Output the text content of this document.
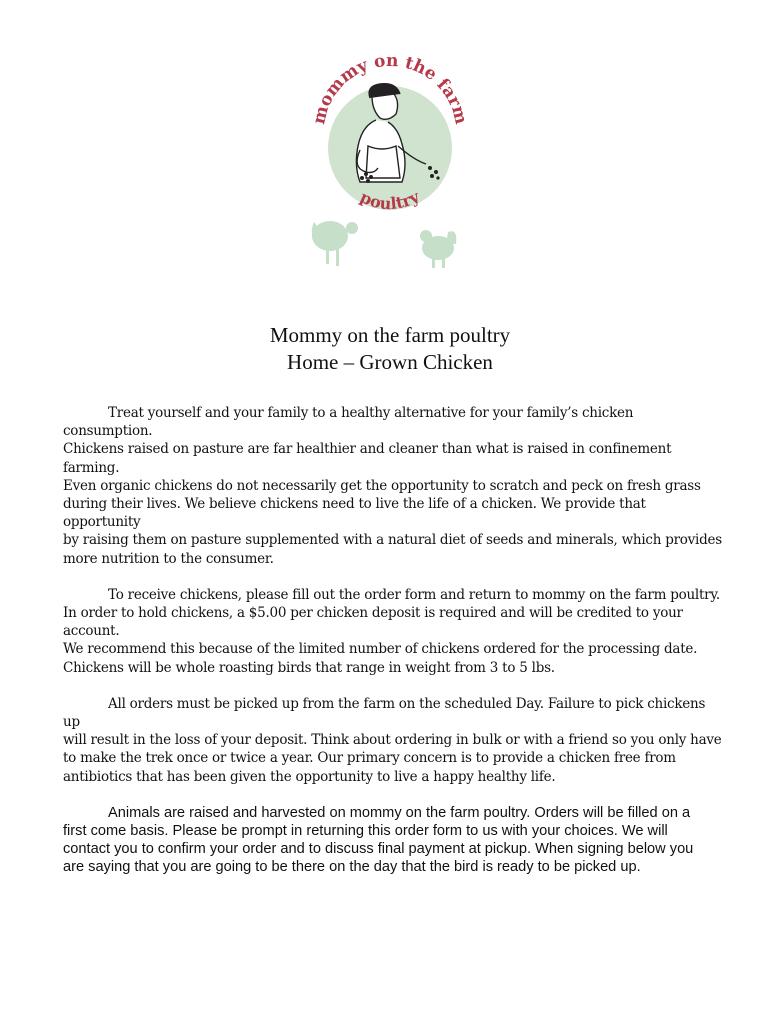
mommy on the farm
poultry
Mommy on the farm poultry
Home – Grown Chicken
Treat yourself and your family to a healthy alternative for your family’s chicken consumption.
Chickens raised on pasture are far healthier and cleaner than what is raised in confinement farming.
Even organic chickens do not necessarily get the opportunity to scratch and peck on fresh grass
during their lives. We believe chickens need to live the life of a chicken. We provide that opportunity
by raising them on pasture supplemented with a natural diet of seeds and minerals, which provides
more nutrition to the consumer.
To receive chickens, please fill out the order form and return to mommy on the farm poultry.
In order to hold chickens, a $5.00 per chicken deposit is required and will be credited to your account.
We recommend this because of the limited number of chickens ordered for the processing date.
Chickens will be whole roasting birds that range in weight from 3 to 5 lbs.
All orders must be picked up from the farm on the scheduled Day. Failure to pick chickens up
will result in the loss of your deposit. Think about ordering in bulk or with a friend so you only have
to make the trek once or twice a year. Our primary concern is to provide a chicken free from
antibiotics that has been given the opportunity to live a happy healthy life.
Animals are raised and harvested on mommy on the farm poultry. Orders will be filled on a
first come basis. Please be prompt in returning this order form to us with your choices. We will
contact you to confirm your order and to discuss final payment at pickup. When signing below you
are saying that you are going to be there on the day that the bird is ready to be picked up.
